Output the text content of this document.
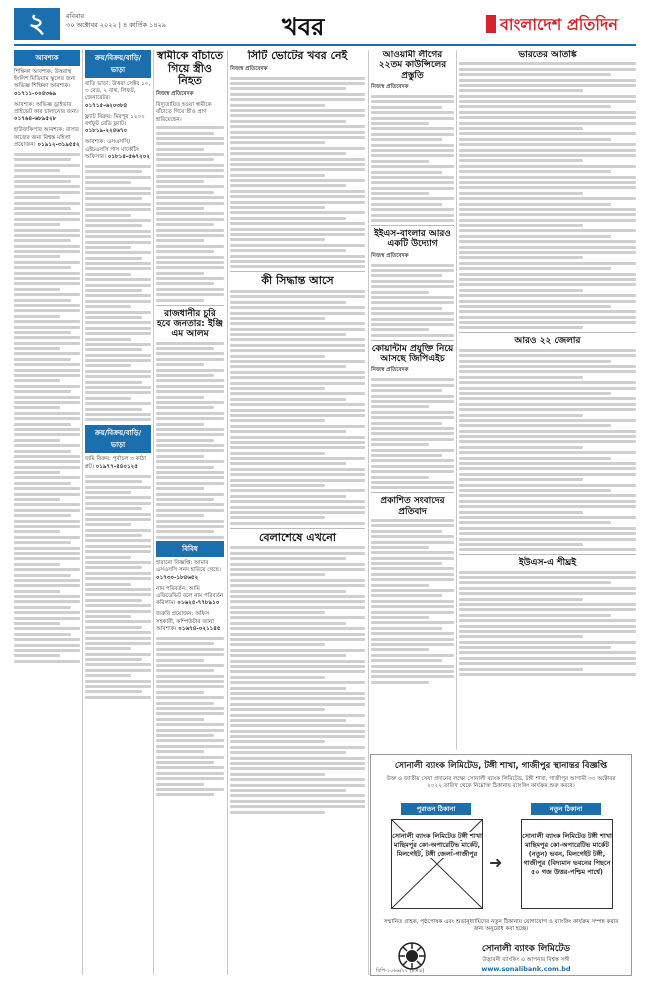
২	রবিবার
৩০ অক্টোবর ২০২২ | ৪ কার্তিক ১৪২৯	খবর	বাংলাদেশ প্রতিদিন
আবশ্যক
শিক্ষিকা আবশ্যক: উত্তরাস্থ ইংলিশ মিডিয়াম স্কুলের জন্য অভিজ্ঞ শিক্ষিকা আবশ্যক। ০১৭১১-০০৪৩৬৯
আবশ্যক: অভিজ্ঞ ড্রাইভার প্রাইভেট কার চালানোর জন্য। ০১৭৬৪-৬৮৯৫২৮
হাউজকিপার আবশ্যক: বাসার কাজের জন্য বিশ্বস্ত মহিলা প্রয়োজন। ০১৯১২-৩১৯৫৫২
ক্রয়/বিক্রয়/বাড়ি/ভাড়া
বাড়ি ভাড়া: উত্তরা সেক্টর ১০, ৩ বেড, ২ বাথ, লিফট, জেনারেটর। ০১৭১৫-৬২০৩৮৪
ফ্ল্যাট বিক্রয়: মিরপুর ১২০০ বর্গফুট রেডি ফ্ল্যাট। ০১৮১৯-২২৪৬৭০
আবশ্যক: এসএসসি/এইচএসসি পাস মার্কেটিং অফিসার। ০১৮১৪-৫৬৭২০২
ক্রয়/বিক্রয়/বাড়ি/ভাড়া
জমি বিক্রয়: পূর্বাচল ৩ কাঠা প্লট। ০১৯৭৭-৪৪০১২৫
স্বামীকে বাঁচাতে গিয়ে স্ত্রীও নিহত
নিজস্ব প্রতিবেদক
বিদ্যুতায়িত হওয়া স্বামীকে বাঁচাতে গিয়ে স্ত্রীও প্রাণ হারিয়েছেন।
রাজধানীর চুরি হবে জনতার: ইঞ্জি এম আলম
বিবিধ
হারানো বিজ্ঞপ্তি: আমার এসএসসি সনদ হারিয়ে গেছে। ০১৭৩০-১৮৪৬৫২
নাম পরিবর্তন: আমি এফিডেভিট বলে নাম পরিবর্তন করিলাম। ০১৬২৫-৭৭৮৯১০
জরুরি প্রয়োজন: অফিস সহকারী, কম্পিউটার জানা আবশ্যক। ০১৬৭৪-০২১১৪৫
সিটি ভোটের খবর নেই
নিজস্ব প্রতিবেদক
কী সিদ্ধান্ত আসে
বেলাশেষে এখনো
আওয়ামী লীগের ২২তম কাউন্সিলের প্রস্তুতি
নিজস্ব প্রতিবেদক
ইইএস-বাংলার আরও একটি উদ্যোগ
নিজস্ব প্রতিবেদক
কোয়ান্টাম প্রযুক্তি নিয়ে আসছে জিপিএইচ
নিজস্ব প্রতিবেদক
প্রকাশিত সংবাদের প্রতিবাদ
ভারতের আতঙ্কি
আরও ২২ জেলার
ইউএস-এ শীঘ্রই
সোনালী ব্যাংক লিমিটেড, টঙ্গী শাখা, গাজীপুর স্থানান্তর বিজ্ঞপ্তি
উক্ত ও জাতীয় সেবা প্রদানের লক্ষ্যে সোনালী ব্যাংক লিমিটেড, টঙ্গী শাখা, গাজীপুর আগামী ৩০ অক্টোবর ২০২২ তারিখ থেকে নিম্নোক্ত ঠিকানায় ব্যাংকিং কার্যক্রম শুরু করবে।
পুরাতন ঠিকানা	নতুন ঠিকানা
সোনালী ব্যাংক লিমিটেড টঙ্গী শাখা মাছিমপুর কো-অপারেটিভ মার্কেট, মিলগেইট, টঙ্গী জেলা-গাজীপুর ➜
সোনালী ব্যাংক লিমিটেড টঙ্গী শাখা মাছিমপুর কো-অপারেটিভ মার্কেট (নতুন) ভবন, মিলগেইট টঙ্গী, গাজীপুর (বিদ্যমান ভবনের পিছনে ৫০ গজ উত্তর-পশ্চিম পার্শ্বে)
সম্মানিত গ্রাহক, পৃষ্ঠপোষক এবং শুভানুধ্যায়িদের নতুন ঠিকানায় যোগাযোগ ও ব্যাংকিং কার্যক্রম সম্পন্ন করার জন্য অনুরোধ করা হচ্ছে।
সোনালী ব্যাংক লিমিটেড
উদ্ভাবনী ব্যাংকিং এ আপনার বিশ্বস্ত সঙ্গী
www.sonalibank.com.bd
বিপি-১০৬৬/২২ (৮×৪)
